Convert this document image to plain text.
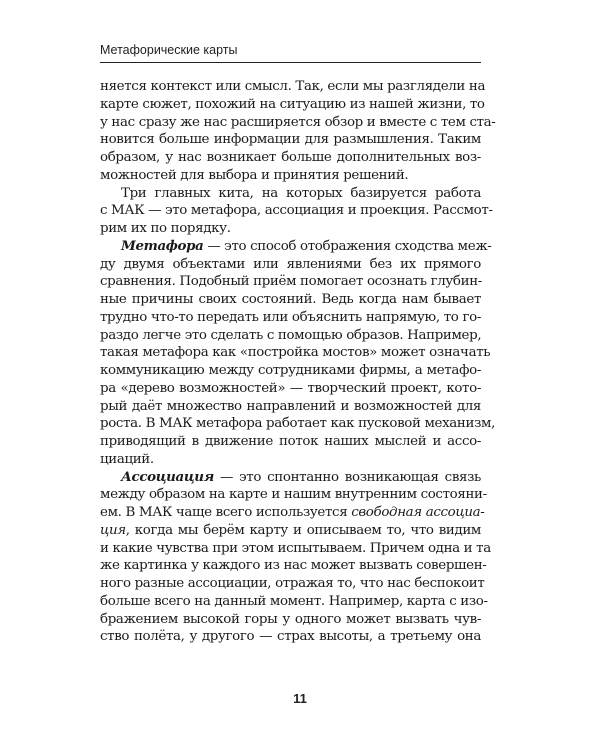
Метафорические карты
няется контекст или смысл. Так, если мы разглядели на
карте сюжет, похожий на ситуацию из нашей жизни, то
у нас сразу же нас расширяется обзор и вместе с тем ста-
новится больше информации для размышления. Таким
образом, у нас возникает больше дополнительных воз-
можностей для выбора и принятия решений.
Три главных кита, на которых базируется работа
с МАК — это метафора, ассоциация и проекция. Рассмот-
рим их по порядку.
Метафора — это способ отображения сходства меж-
ду двумя объектами или явлениями без их прямого
сравнения. Подобный приём помогает осознать глубин-
ные причины своих состояний. Ведь когда нам бывает
трудно что-то передать или объяснить напрямую, то го-
раздо легче это сделать с помощью образов. Например,
такая метафора как «постройка мостов» может означать
коммуникацию между сотрудниками фирмы, а метафо-
ра «дерево возможностей» — творческий проект, кото-
рый даёт множество направлений и возможностей для
роста. В МАК метафора работает как пусковой механизм,
приводящий в движение поток наших мыслей и ассо-
циаций.
Ассоциация — это спонтанно возникающая связь
между образом на карте и нашим внутренним состояни-
ем. В МАК чаще всего используется свободная ассоциа-
ция, когда мы берём карту и описываем то, что видим
и какие чувства при этом испытываем. Причем одна и та
же картинка у каждого из нас может вызвать совершен-
ного разные ассоциации, отражая то, что нас беспокоит
больше всего на данный момент. Например, карта с изо-
бражением высокой горы у одного может вызвать чув-
ство полёта, у другого — страх высоты, а третьему она
11
